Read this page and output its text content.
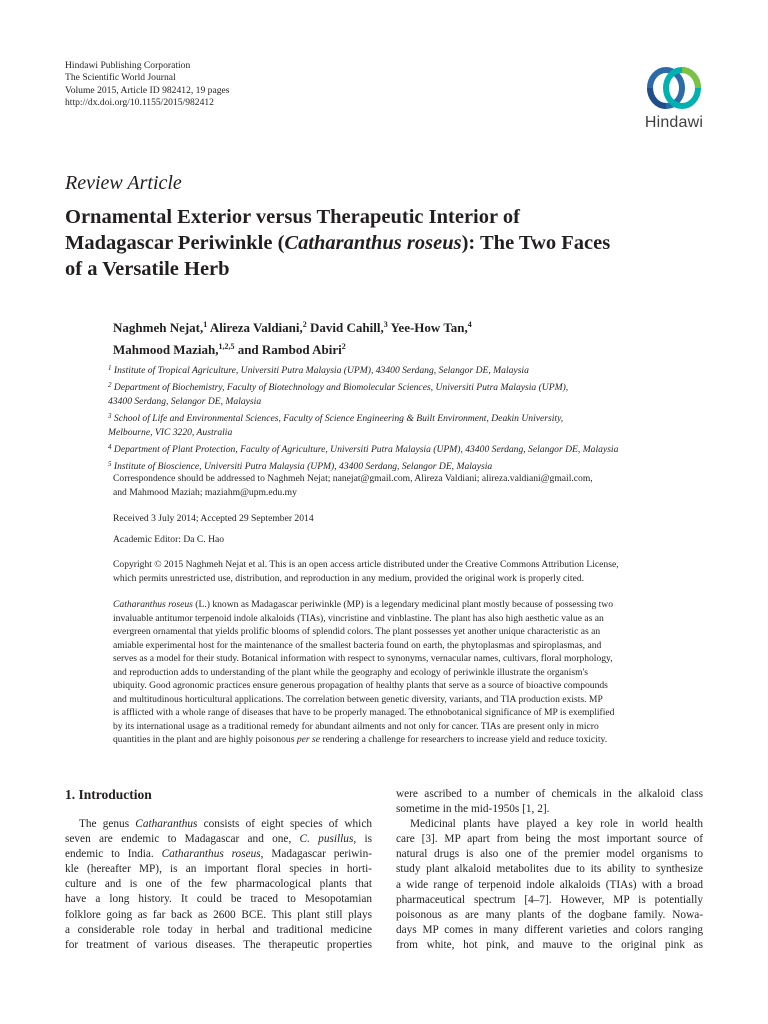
Hindawi Publishing Corporation
The Scientific World Journal
Volume 2015, Article ID 982412, 19 pages
http://dx.doi.org/10.1155/2015/982412
Hindawi
Review Article
Ornamental Exterior versus Therapeutic Interior of
Madagascar Periwinkle (Catharanthus roseus): The Two Faces
of a Versatile Herb
Naghmeh Nejat,$^1$ Alireza Valdiani,$^2$ David Cahill,$^3$ Yee-How Tan,$^4$
Mahmood Maziah,$^{1,2,5}$ and Rambod Abiri$^2$
$^1$ Institute of Tropical Agriculture, Universiti Putra Malaysia (UPM), 43400 Serdang, Selangor DE, Malaysia
$^2$ Department of Biochemistry, Faculty of Biotechnology and Biomolecular Sciences, Universiti Putra Malaysia (UPM),
43400 Serdang, Selangor DE, Malaysia
$^3$ School of Life and Environmental Sciences, Faculty of Science Engineering & Built Environment, Deakin University,
Melbourne, VIC 3220, Australia
$^4$ Department of Plant Protection, Faculty of Agriculture, Universiti Putra Malaysia (UPM), 43400 Serdang, Selangor DE, Malaysia
$^5$ Institute of Bioscience, Universiti Putra Malaysia (UPM), 43400 Serdang, Selangor DE, Malaysia
Correspondence should be addressed to Naghmeh Nejat; nanejat@gmail.com, Alireza Valdiani; alireza.valdiani@gmail.com,
and Mahmood Maziah; maziahm@upm.edu.my
Received 3 July 2014; Accepted 29 September 2014
Academic Editor: Da C. Hao
Copyright © 2015 Naghmeh Nejat et al. This is an open access article distributed under the Creative Commons Attribution License,
which permits unrestricted use, distribution, and reproduction in any medium, provided the original work is properly cited.
Catharanthus roseus (L.) known as Madagascar periwinkle (MP) is a legendary medicinal plant mostly because of possessing two
invaluable antitumor terpenoid indole alkaloids (TIAs), vincristine and vinblastine. The plant has also high aesthetic value as an
evergreen ornamental that yields prolific blooms of splendid colors. The plant possesses yet another unique characteristic as an
amiable experimental host for the maintenance of the smallest bacteria found on earth, the phytoplasmas and spiroplasmas, and
serves as a model for their study. Botanical information with respect to synonyms, vernacular names, cultivars, floral morphology,
and reproduction adds to understanding of the plant while the geography and ecology of periwinkle illustrate the organism's
ubiquity. Good agronomic practices ensure generous propagation of healthy plants that serve as a source of bioactive compounds
and multitudinous horticultural applications. The correlation between genetic diversity, variants, and TIA production exists. MP
is afflicted with a whole range of diseases that have to be properly managed. The ethnobotanical significance of MP is exemplified
by its international usage as a traditional remedy for abundant ailments and not only for cancer. TIAs are present only in micro
quantities in the plant and are highly poisonous per se rendering a challenge for researchers to increase yield and reduce toxicity.
1. Introduction
The genus Catharanthus consists of eight species of which
seven are endemic to Madagascar and one, C. pusillus, is
endemic to India. Catharanthus roseus, Madagascar periwin-
kle (hereafter MP), is an important floral species in horti-
culture and is one of the few pharmacological plants that
have a long history. It could be traced to Mesopotamian
folklore going as far back as 2600 BCE. This plant still plays
a considerable role today in herbal and traditional medicine
for treatment of various diseases. The therapeutic properties
were ascribed to a number of chemicals in the alkaloid class
sometime in the mid-1950s [1, 2].
Medicinal plants have played a key role in world health
care [3]. MP apart from being the most important source of
natural drugs is also one of the premier model organisms to
study plant alkaloid metabolites due to its ability to synthesize
a wide range of terpenoid indole alkaloids (TIAs) with a broad
pharmaceutical spectrum [4–7]. However, MP is potentially
poisonous as are many plants of the dogbane family. Nowa-
days MP comes in many different varieties and colors ranging
from white, hot pink, and mauve to the original pink as
